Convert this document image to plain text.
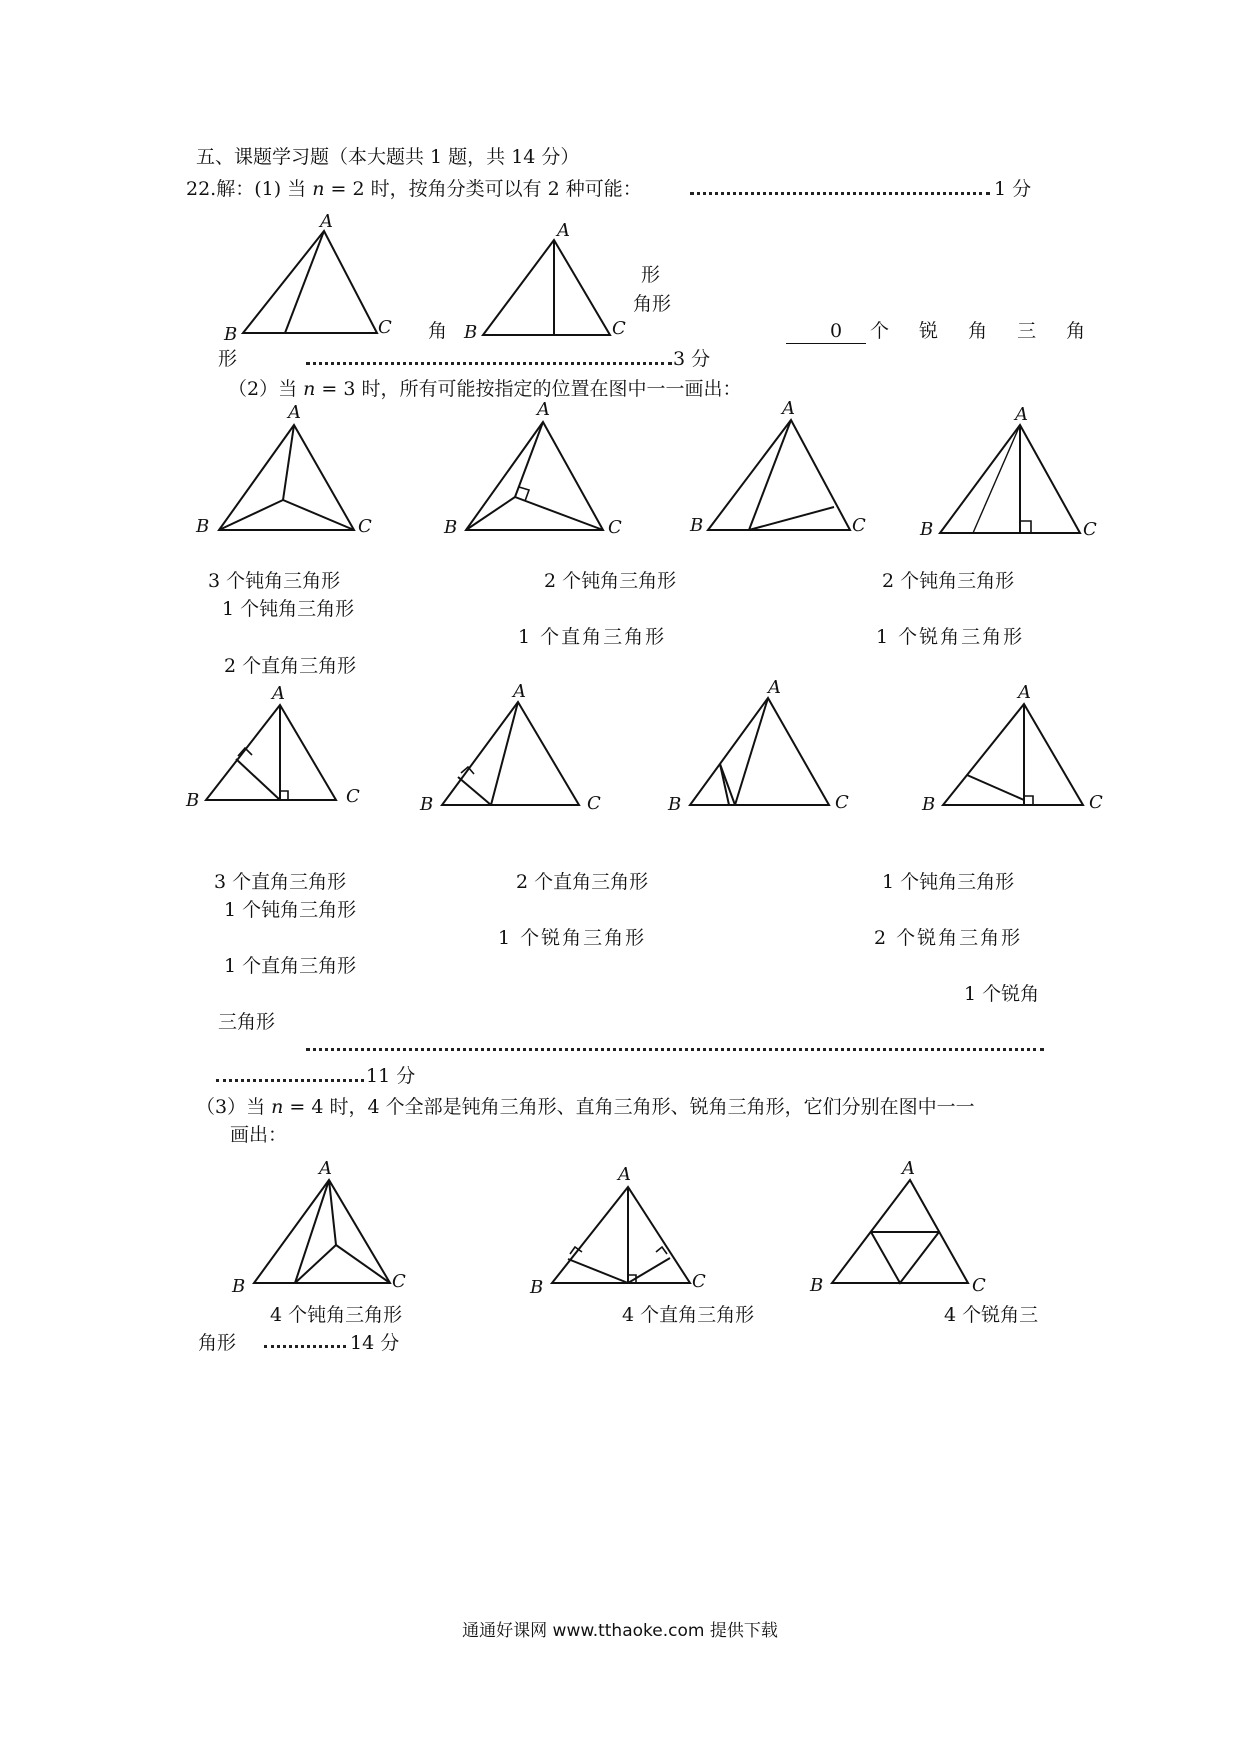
五、课题学习题（本大题共 1 题，共 14 分）
22.解：(1) 当 n = 2 时，按角分类可以有 2 种可能：	1 分
形
角形
角	0 个 锐 角 三 角
形	3 分
（2）当 n = 3 时，所有可能按指定的位置在图中一一画出：
3 个钝角三角形	2 个钝角三角形	2 个钝角三角形
1 个钝角三角形
1 个直角三角形	1 个锐角三角形
2 个直角三角形
3 个直角三角形	2 个直角三角形	1 个钝角三角形
1 个钝角三角形
1 个锐角三角形	2 个锐角三角形
1 个直角三角形
1 个锐角
三角形
11 分
（3）当 n = 4 时，4 个全部是钝角三角形、直角三角形、锐角三角形，它们分别在图中一一
画出：
4 个钝角三角形	4 个直角三角形	4 个锐角三
角形	14 分
A
B	C
A
B	C
A
B	C
A
B	C
A
B	C
A
B	C
A
B	C
A
B	C
A
B	C
A
B	C
A
B	C
A
B	C
A
B	C
通通好课网 www.tthaoke.com 提供下载
